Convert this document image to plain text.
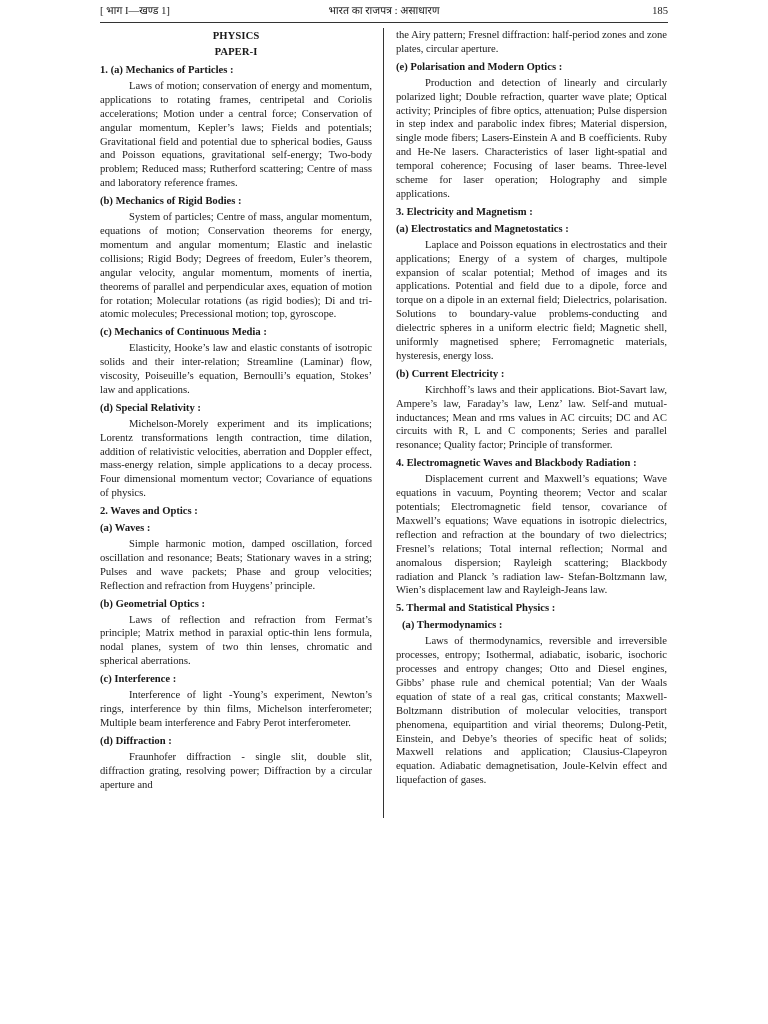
[ भाग I—खण्ड 1]	भारत का राजपत्र : असाधारण	185
PHYSICS
PAPER-I
1. (a) Mechanics of Particles :

Laws of motion; conservation of energy and momentum, applications to rotating frames, centripetal and Coriolis accelerations; Motion under a central force; Conservation of angular momentum, Kepler’s laws; Fields and potentials; Gravitational field and potential due to spherical bodies, Gauss and Poisson equations, gravitational self-energy; Two-body problem; Reduced mass; Rutherford scattering; Centre of mass and laboratory reference frames.

(b) Mechanics of Rigid Bodies :

System of particles; Centre of mass, angular momentum, equations of motion; Conservation theorems for energy, momentum and angular momentum; Elastic and inelastic collisions; Rigid Body; Degrees of freedom, Euler’s theorem, angular velocity, angular momentum, moments of inertia, theorems of parallel and perpendicular axes, equation of motion for rotation; Molecular rotations (as rigid bodies); Di and tri-atomic molecules; Precessional motion; top, gyroscope.

(c) Mechanics of Continuous Media :

Elasticity, Hooke’s law and elastic constants of isotropic solids and their inter-relation; Streamline (Laminar) flow, viscosity, Poiseuille’s equation, Bernoulli’s equation, Stokes’ law and applications.

(d) Special Relativity :

Michelson-Morely experiment and its implications; Lorentz transformations length contraction, time dilation, addition of relativistic velocities, aberration and Doppler effect, mass-energy relation, simple applications to a decay process. Four dimensional momentum vector; Covariance of equations of physics.

2. Waves and Optics :
(a) Waves :

Simple harmonic motion, damped oscillation, forced oscillation and resonance; Beats; Stationary waves in a string; Pulses and wave packets; Phase and group velocities; Reflection and refraction from Huygens’ principle.

(b) Geometrial Optics :

Laws of reflection and refraction from Fermat’s principle; Matrix method in paraxial optic-thin lens formula, nodal planes, system of two thin lenses, chromatic and spherical aberrations.

(c) Interference :

Interference of light -Young’s experiment, Newton’s rings, interference by thin films, Michelson interferometer; Multiple beam interference and Fabry Perot interferometer.

(d) Diffraction :

Fraunhofer diffraction - single slit, double slit, diffraction grating, resolving power; Diffraction by a circular aperture and

the Airy pattern; Fresnel diffraction: half-period zones and zone plates, circular aperture.

(e) Polarisation and Modern Optics :

Production and detection of linearly and circularly polarized light; Double refraction, quarter wave plate; Optical activity; Principles of fibre optics, attenuation; Pulse dispersion in step index and parabolic index fibres; Material dispersion, single mode fibers; Lasers-Einstein A and B coefficients. Ruby and He-Ne lasers. Characteristics of laser light-spatial and temporal coherence; Focusing of laser beams. Three-level scheme for laser operation; Holography and simple applications.

3. Electricity and Magnetism :
(a) Electrostatics and Magnetostatics :

Laplace and Poisson equations in electrostatics and their applications; Energy of a system of charges, multipole expansion of scalar potential; Method of images and its applications. Potential and field due to a dipole, force and torque on a dipole in an external field; Dielectrics, polarisation. Solutions to boundary-value problems-conducting and dielectric spheres in a uniform electric field; Magnetic shell, uniformly magnetised sphere; Ferromagnetic materials, hysteresis, energy loss.

(b) Current Electricity :

Kirchhoff’s laws and their applications. Biot-Savart law, Ampere’s law, Faraday’s law, Lenz’ law. Self-and mutual-inductances; Mean and rms values in AC circuits; DC and AC circuits with R, L and C components; Series and parallel resonance; Quality factor; Principle of transformer.

4. Electromagnetic Waves and Blackbody Radiation :

Displacement current and Maxwell’s equations; Wave equations in vacuum, Poynting theorem; Vector and scalar potentials; Electromagnetic field tensor, covariance of Maxwell’s equations; Wave equations in isotropic dielectrics, reflection and refraction at the boundary of two dielectrics; Fresnel’s relations; Total internal reflection; Normal and anomalous dispersion; Rayleigh scattering; Blackbody radiation and Planck ’s radiation law- Stefan-Boltzmann law, Wien’s displacement law and Rayleigh-Jeans law.

5. Thermal and Statistical Physics :
(a) Thermodynamics :

Laws of thermodynamics, reversible and irreversible processes, entropy; Isothermal, adiabatic, isobaric, isochoric processes and entropy changes; Otto and Diesel engines, Gibbs’ phase rule and chemical potential; Van der Waals equation of state of a real gas, critical constants; Maxwell-Boltzmann distribution of molecular velocities, transport phenomena, equipartition and virial theorems; Dulong-Petit, Einstein, and Debye’s theories of specific heat of solids; Maxwell relations and application; Clausius-Clapeyron equation. Adiabatic demagnetisation, Joule-Kelvin effect and liquefaction of gases.
